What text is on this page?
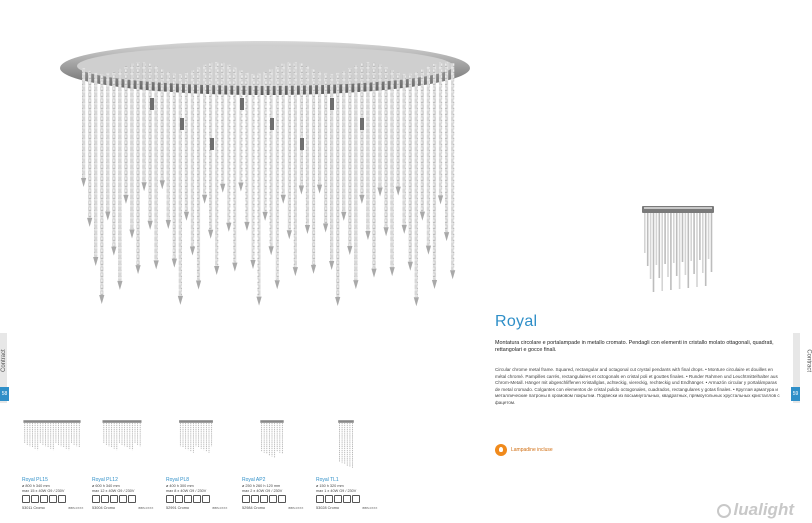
Contract	Contract
58	59
Royal
Montatura circolare e portalampade in metallo cromato. Pendagli con elementi in cristallo molato ottagonali, quadrati, rettangolari e gocce finali.
Circular chrome metal frame. Squared, rectangular and octagonal cut crystal pendants with final drops. • Monture circulaire et douilles en métal chromé. Pampilles carrés, rectangulaires et octogonals en cristal poli et gouttes finales. • Runder Rahmen und Leuchtmittelhalter aus Chrom-Metall. Hänger mit abgeschliffenen Kristallglas, achteckig, viereckig, rechteckig und Endhänger. • Armazón circular y portalámparas de metal cromado. Colgantes con elementos de cristal pulido octogonales, cuadrados, rectangulares y gotas finales. • Круглая арматура и металлические патроны в хромовом покрытии. Подвески из восьмиугольных, квадратных, прямоугольных хрустальных кристаллов с фацетом.
Lampadine incluse
Royal PL15
ø 800 h 340 mm
max 15 x 40W G9 / 230V
53011 Cromo	IBBS.0XXX
Royal PL12
ø 600 h 340 mm
max 12 x 40W G9 / 230V
53004 Cromo	IBBS.0XXX
Royal PL8
ø 400 h 300 mm
max 8 x 40W G9 / 230V
52991 Cromo	IBBS.0XXX
Royal AP2
ø 250 h 260 h 120 mm
max 2 x 40W G9 / 230V
52984 Cromo	IBBS.0XXX
Royal TL1
ø 150 h 320 mm
max 1 x 40W G9 / 230V
53028 Cromo	IBBS.0XXX	lualight
